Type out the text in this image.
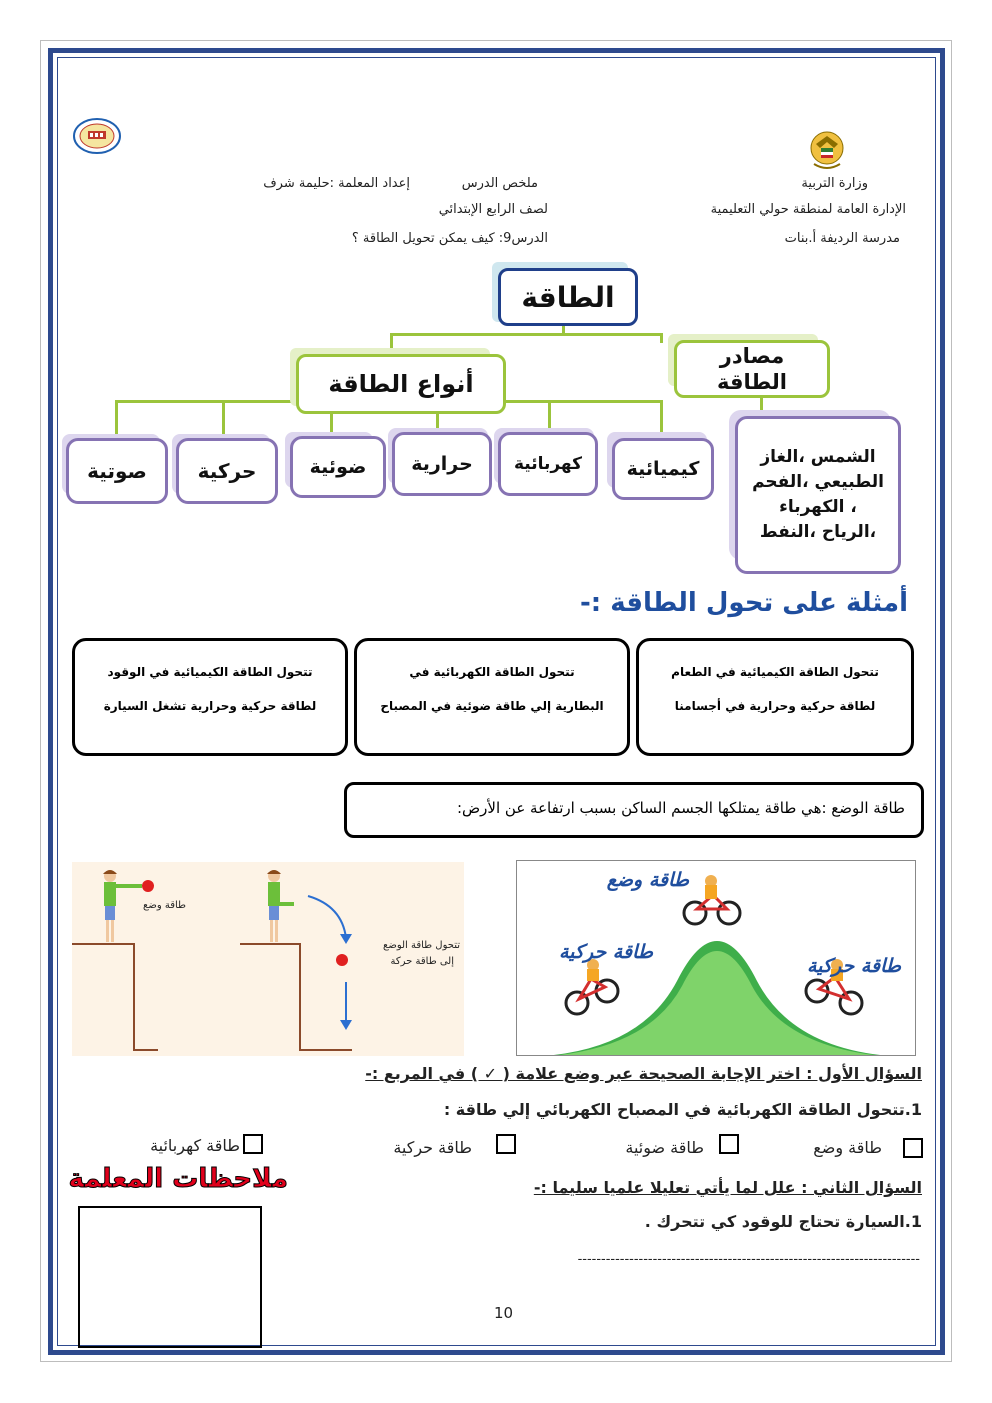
وزارة التربية
الإدارة العامة لمنطقة حولي التعليمية
مدرسة الرديفة أ.بنات
ملخص الدرس
لصف الرابع الإبتدائي
الدرس9: كيف يمكن تحويل الطاقة ؟
إعداد المعلمة :حليمة شرف
الطاقة
أنواع الطاقة
مصادر الطاقة
كيميائية
كهربائية
حرارية
ضوئية
حركية
صوتية
الشمس ،الغاز الطبيعي ،الفحم ، الكهرباء ،الرياح ،النفط
أمثلة على تحول الطاقة :-
تتحول الطاقة الكيميائية في الطعام
لطاقة حركية وحرارية في أجسامنا
تتحول الطاقة الكهربائية في
البطارية إلي طاقة ضوئية في المصباح
تتحول الطاقة الكيميائية في الوقود
لطاقة حركية وحرارية تشغل السيارة
طاقة الوضع :هي طاقة يمتلكها الجسم الساكن بسبب ارتفاعة عن الأرض:
طاقة وضع
تتحول طاقة الوضع
إلى طاقة حركة
طاقة وضع
طاقة حركية
طاقة حركية
السؤال الأول : اختر الإجابة الصحيحة عبر وضع علامة ( ✓ ) في المربع :-
1.تتحول الطاقة الكهربائية في المصباح الكهربائي إلي طاقة :
طاقة وضع
طاقة ضوئية
طاقة حركية
طاقة كهربائية
السؤال الثاني : علل لما يأتي تعليلا علميا سليما :-
1.السيارة تحتاج للوقود كي تتحرك .
-------------------------------------------------------------------------
ملاحظات المعلمة
10
